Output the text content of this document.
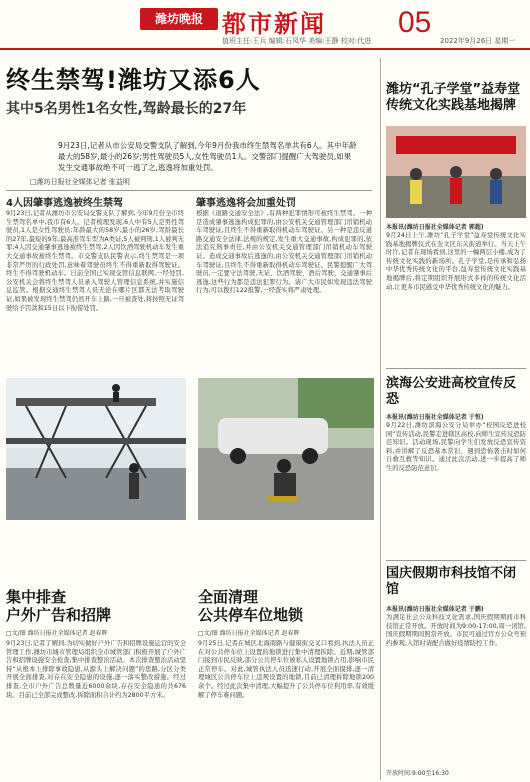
潍坊晚报 都市新闻
值班主任:王兵 编辑:石凤华 美编:王静 校对:代进
05
2022年9月26日 星期一
终生禁驾!潍坊又添6人
其中5名男性1名女性,驾龄最长的27年
9月23日,记者从市公安局交警支队了解到,今年9月份我市终生禁驾名单共有6人。其中年龄最大的58岁,最小的26岁;男性驾驶员5人,女性驾驶员1人。交警部门提醒广大驾驶员,如果发生交通事故绝不可一逃了之,逃逸将加重处罚。
□潍坊日报社全媒体记者 张益明
4人因肇事逃逸被终生禁驾
9月23日,记者从潍坊市公安局交警支队了解到,今年9月份全市终生禁驾名单中,我市有6人。记者梳理发现,6人中有5人是男性驾驶员,1人是女性驾驶员;年龄最大的58岁,最小的26岁;驾龄最长的27年,最短的9年;最高准驾车型为A类证,5人被判刑,1人被判无罪;4人因交通肇事逃逸被终生禁驾,2人因饮酒驾驶机动车发生重大交通事故被终生禁驾。市交警支队民警表示,终生禁驾是一项非常严厉的行政处罚,意味着驾驶员终生不得重新取得驾驶证。终生不得驾驶机动车。日前全国已实现交管信息联网,一经处罚,公安机关会将终生禁驾人员录入驾驶人管理信息系统,并实施信息监管。根据交通终生禁驾人员无论在哪片区都无法考取驾驶证,如果被发现终生禁驾仍然开车上路,一旦被查处,将按照无证驾驶给予罚款和15日以下拘留处罚。
肇事逃逸将会加重处罚
根据《道路交通安全法》,有两种犯罪情形可被终生禁驾。一种是造成肇事逃逸构成犯罪的,由公安机关交通管理部门吊销机动车驾驶证,且终生不得重新取得机动车驾驶证。另一种是违反道路交通安全法律,法规的规定,发生重大交通事故,构成犯罪的,依法追究刑事责任,并由公安机关交通管理部门吊销机动车驾驶证。造成交通事故后逃逸的,由公安机关交通管理部门吊销机动车驾驶证,且终生不得重新取得机动车驾驶证。民警提醒广大驾驶员,一定要守法驾驶,无证、饮酒驾驶、酒后驾驶、交通肇事后逃逸,这些行为都是违法犯罪行为。请广大市民如发现违法驾驶行为,可以拨打122报警,一经查实将严肃处理。
集中排查
户外广告和招牌
□文/图 潍坊日报社全媒体记者 赵春晖
9月23日,记者了解到,为切实做好户外广告和招牌设施运营的安全管理工作,潍坊市城市管理局组织全市城管部门积极开展了户外广告和招牌设施安全检查,集中排查整治活动。本次排查整治活动坚持“从根本上排除事故隐患,从源头上解决问题”的思路,分区分类开展全面排查,对存在安全隐患的设施,逐一落实整改措施。经过排查,全市户外广告总数量近6000余块,存在安全隐患的共676块。目前已全部完成整改,拆除面积合计约为2800平方米。
全面清理
公共停车位地锁
□文/图 潍坊日报社全媒体记者 赵春晖
9月25日,记者在城区北海南路与健康街交叉口看到,执法人员正在对公共停车位上设置的地锁进行集中清理拆除。近期,城管部门接到市民反映,部分公共停车位被私人设置地锁占用,影响市民正常停车。对此,城管执法人员迅速行动,开展全面摸排,逐一清理城区公共停车位上违规设置的地锁,目前已清理拆除地锁200余个。经过此次集中清理,大幅提升了公共停车位利用率,有效缓解了停车难问题。
潍坊“孔子学堂”益寿堂传统文化实践基地揭牌
本报讯(潍坊日报社全媒体记者 郭超)
9月24日上午,潍坊“孔子学堂”益寿堂传统文化实践基地揭牌仪式在奎文区东关街道举行。当天上午时许,记者在现场看到,这里的一幢两层小楼,成为了传统文化实践的新场所。孔子学堂,是传承和弘扬中华优秀传统文化的平台,益寿堂传统文化实践基地揭牌后,将定期组织开展形式多样的传统文化活动,让更多市民感受中华优秀传统文化的魅力。
滨海公安进高校宣传反恐
本报讯(潍坊日报社全媒体记者 于恒)
9月22日,潍坊滨海公安分局举办“校园反恐进校园”宣传活动,民警走进辖区高校,向师生宣传反恐防范知识。活动现场,民警向学生们发放反恐宣传资料,并讲解了反恐基本常识、遇到恐怖袭击时如何自救互救等知识。通过此次活动,进一步提高了师生的反恐防范意识。
国庆假期市科技馆不闭馆
本报讯(潍坊日报社全媒体记者 于鹏)
为满足社会公众科技文化需求,国庆假期期间市科技馆正常开放。开放时间为9:00-17:00,周一闭馆,国庆假期期间照常开放。市民可通过官方公众号预约参观,入馆时请配合做好疫情防控工作。
开放时间:9:00至16:30
